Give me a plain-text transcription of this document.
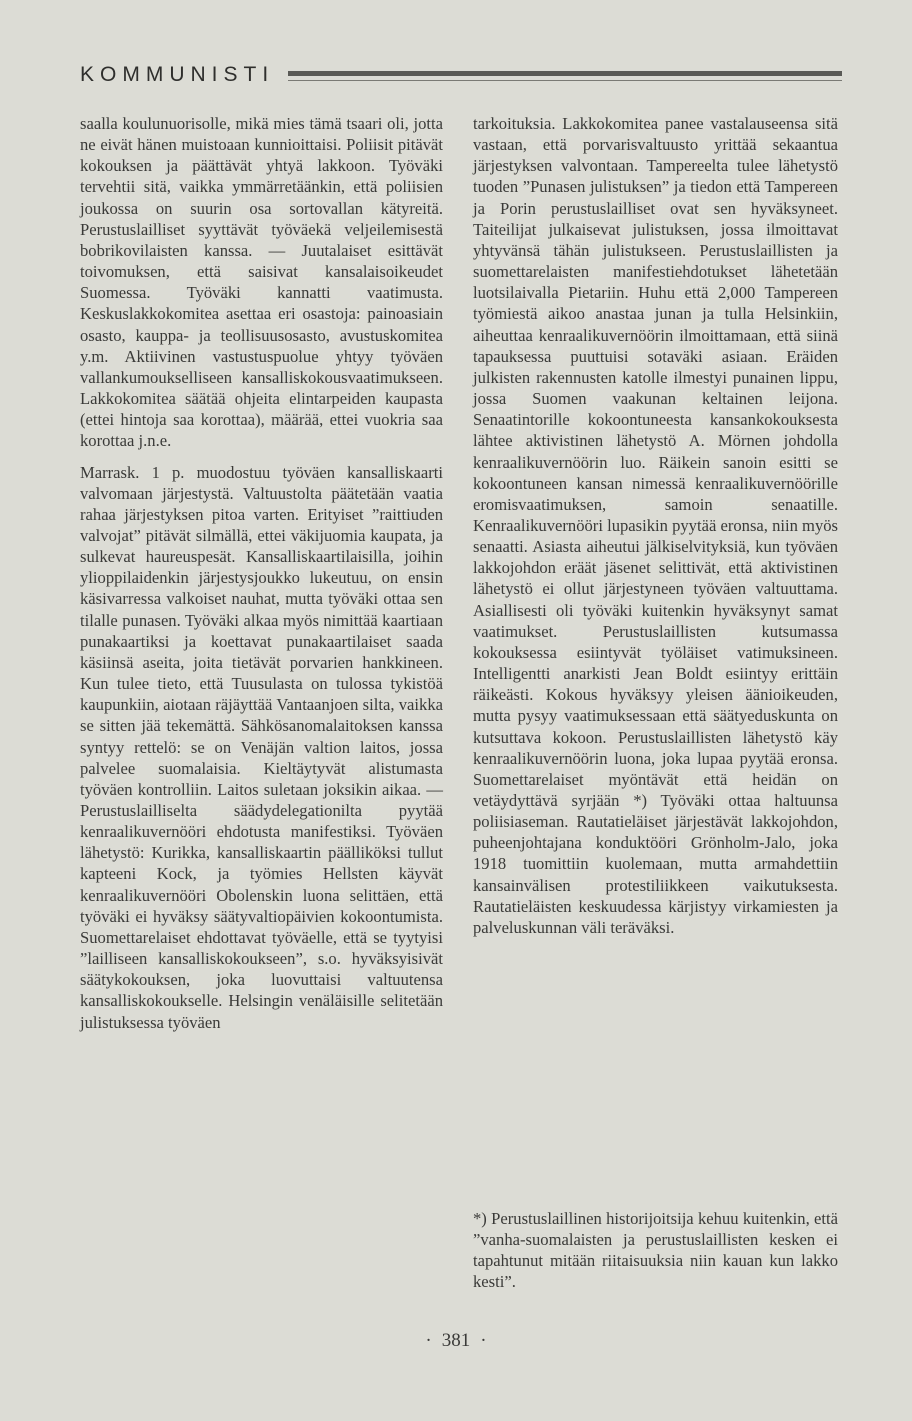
KOMMUNISTI

saalla koulunuorisolle, mikä mies tämä tsaari oli, jotta ne eivät hänen muistoaan kunnioittaisi. Poliisit pitävät kokouksen ja päättävät yhtyä lakkoon. Työväki tervehtii sitä, vaikka ymmärretäänkin, että poliisien joukossa on suurin osa sortovallan kätyreitä. Perustuslailliset syyttävät työväekä veljeilemisestä bobrikovilaisten kanssa. — Juutalaiset esittävät toivomuksen, että saisivat kansalaisoikeudet Suomessa. Työväki kannatti vaatimusta. Keskuslakkokomitea asettaa eri osastoja: painoasiain osasto, kauppa- ja teollisuusosasto, avustuskomitea y.m. Aktiivinen vastustuspuolue yhtyy työväen vallankumoukselliseen kansalliskokousvaatimukseen. Lakkokomitea säätää ohjeita elintarpeiden kaupasta (ettei hintoja saa korottaa), määrää, ettei vuokria saa korottaa j.n.e.

Marrask. 1 p. muodostuu työväen kansalliskaarti valvomaan järjestystä. Valtuustolta päätetään vaatia rahaa järjestyksen pitoa varten. Erityiset ”raittiuden valvojat” pitävät silmällä, ettei väkijuomia kaupata, ja sulkevat haureuspesät. Kansalliskaartilaisilla, joihin ylioppilaidenkin järjestysjoukko lukeutuu, on ensin käsivarressa valkoiset nauhat, mutta työväki ottaa sen tilalle punasen. Työväki alkaa myös nimittää kaartiaan punakaartiksi ja koettavat punakaartilaiset saada käsiinsä aseita, joita tietävät porvarien hankkineen. Kun tulee tieto, että Tuusulasta on tulossa tykistöä kaupunkiin, aiotaan räjäyttää Vantaanjoen silta, vaikka se sitten jää tekemättä. Sähkösanomalaitoksen kanssa syntyy rettelö: se on Venäjän valtion laitos, jossa palvelee suomalaisia. Kieltäytyvät alistumasta työväen kontrolliin. Laitos suletaan joksikin aikaa. — Perustuslailliselta säädydelegationilta pyytää kenraalikuvernööri ehdotusta manifestiksi. Työväen lähetystö: Kurikka, kansalliskaartin päälliköksi tullut kapteeni Kock, ja työmies Hellsten käyvät kenraalikuvernööri Obolenskin luona selittäen, että työväki ei hyväksy säätyvaltiopäivien kokoontumista. Suomettarelaiset ehdottavat työväelle, että se tyytyisi ”lailliseen kansalliskokoukseen”, s.o. hyväksyisivät säätykokouksen, joka luovuttaisi valtuutensa kansalliskokoukselle. Helsingin venäläisille selitetään julistuksessa työväen

tarkoituksia. Lakkokomitea panee vastalauseensa sitä vastaan, että porvarisvaltuusto yrittää sekaantua järjestyksen valvontaan. Tampereelta tulee lähetystö tuoden ”Punasen julistuksen” ja tiedon että Tampereen ja Porin perustuslailliset ovat sen hyväksyneet. Taiteilijat julkaisevat julistuksen, jossa ilmoittavat yhtyvänsä tähän julistukseen. Perustuslaillisten ja suomettarelaisten manifestiehdotukset lähetetään luotsilaivalla Pietariin. Huhu että 2,000 Tampereen työmiestä aikoo anastaa junan ja tulla Helsinkiin, aiheuttaa kenraalikuvernöörin ilmoittamaan, että siinä tapauksessa puuttuisi sotaväki asiaan. Eräiden julkisten rakennusten katolle ilmestyi punainen lippu, jossa Suomen vaakunan keltainen leijona. Senaatintorille kokoontuneesta kansankokouksesta lähtee aktivistinen lähetystö A. Mörnen johdolla kenraalikuvernöörin luo. Räikein sanoin esitti se kokoontuneen kansan nimessä kenraalikuvernöörille eromisvaatimuksen, samoin senaatille. Kenraalikuvernööri lupasikin pyytää eronsa, niin myös senaatti. Asiasta aiheutui jälkiselvityksiä, kun työväen lakkojohdon eräät jäsenet selittivät, että aktivistinen lähetystö ei ollut järjestyneen työväen valtuuttama. Asiallisesti oli työväki kuitenkin hyväksynyt samat vaatimukset. Perustuslaillisten kutsumassa kokouksessa esiintyvät työläiset vatimuksineen. Intelligentti anarkisti Jean Boldt esiintyy erittäin räikeästi. Kokous hyväksyy yleisen äänioikeuden, mutta pysyy vaatimuksessaan että säätyeduskunta on kutsuttava kokoon. Perustuslaillisten lähetystö käy kenraalikuvernöörin luona, joka lupaa pyytää eronsa. Suomettarelaiset myöntävät että heidän on vetäydyttävä syrjään *) Työväki ottaa haltuunsa poliisiaseman. Rautatieläiset järjestävät lakkojohdon, puheenjohtajana konduktööri Grönholm-Jalo, joka 1918 tuomittiin kuolemaan, mutta armahdettiin kansainvälisen protestiliikkeen vaikutuksesta. Rautatieläisten keskuudessa kärjistyy virkamiesten ja palveluskunnan väli teräväksi.

*) Perustuslaillinen historijoitsija kehuu kuitenkin, että ”vanha-suomalaisten ja perustuslaillisten kesken ei tapahtunut mitään riitaisuuksia niin kauan kun lakko kesti”.

· 381 ·
